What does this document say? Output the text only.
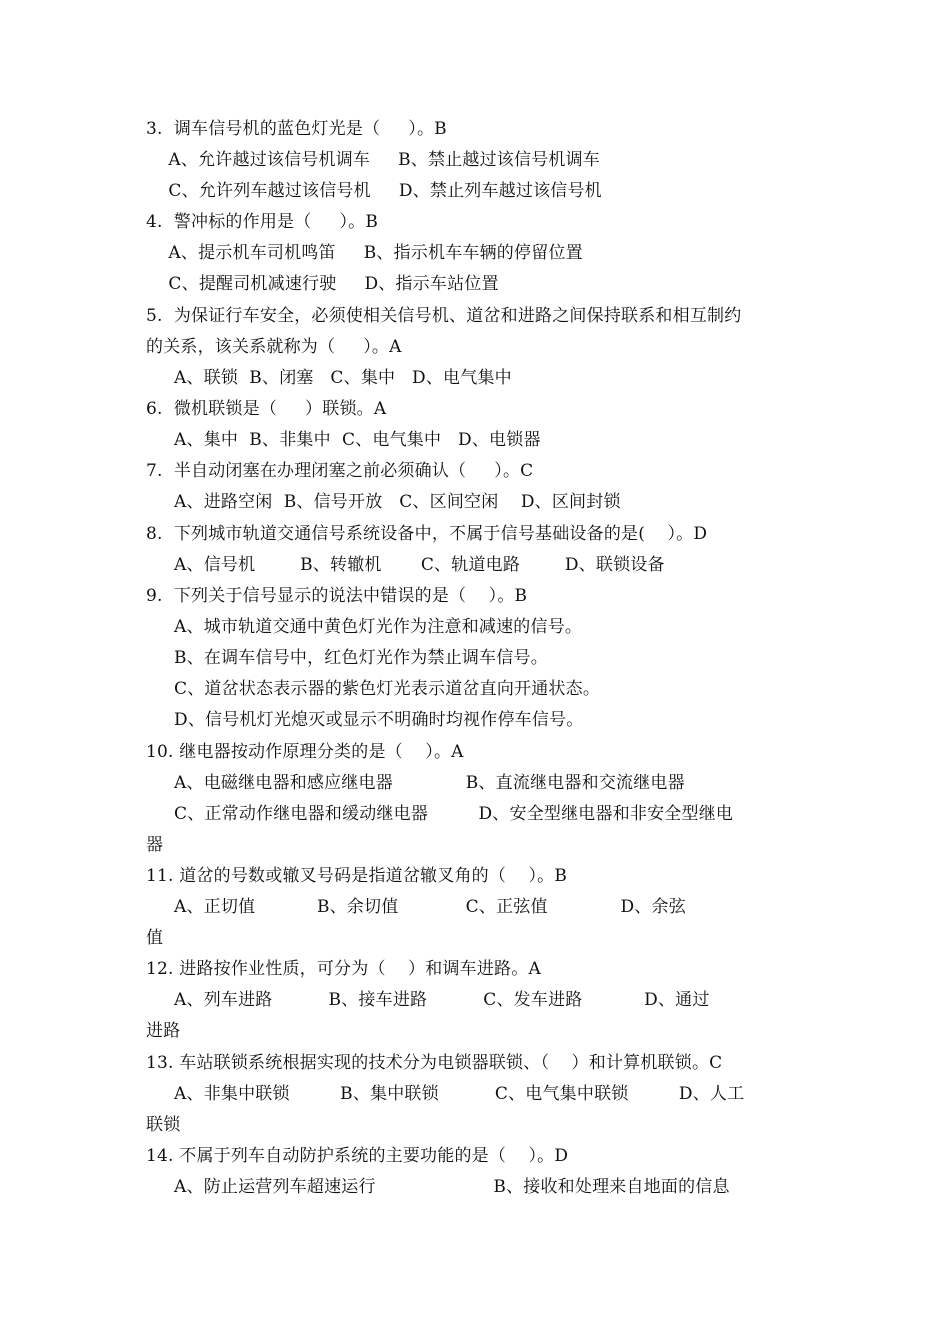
3.  调车信号机的蓝色灯光是（     ）。B
A、允许越过该信号机调车     B、禁止越过该信号机调车
C、允许列车越过该信号机     D、禁止列车越过该信号机
4.  警冲标的作用是（     ）。B
A、提示机车司机鸣笛     B、指示机车车辆的停留位置
C、提醒司机减速行驶     D、指示车站位置
5.  为保证行车安全，必须使相关信号机、道岔和进路之间保持联系和相互制约
的关系，该关系就称为（     ）。A
A、联锁  B、闭塞   C、集中   D、电气集中
6.  微机联锁是（     ）联锁。A
A、集中  B、非集中  C、电气集中   D、电锁器
7.  半自动闭塞在办理闭塞之前必须确认（     ）。C
A、进路空闲  B、信号开放   C、区间空闲    D、区间封锁
8.  下列城市轨道交通信号系统设备中，不属于信号基础设备的是(    ）。D
A、信号机        B、转辙机       C、轨道电路        D、联锁设备
9.  下列关于信号显示的说法中错误的是（    ）。B
A、城市轨道交通中黄色灯光作为注意和减速的信号。
B、在调车信号中，红色灯光作为禁止调车信号。
C、道岔状态表示器的紫色灯光表示道岔直向开通状态。
D、信号机灯光熄灭或显示不明确时均视作停车信号。
10. 继电器按动作原理分类的是（    ）。A
A、电磁继电器和感应继电器             B、直流继电器和交流继电器
C、正常动作继电器和缓动继电器         D、安全型继电器和非安全型继电
器
11. 道岔的号数或辙叉号码是指道岔辙叉角的（    ）。B
A、正切值           B、余切值            C、正弦值             D、余弦
值
12. 进路按作业性质，可分为（    ）和调车进路。A
A、列车进路          B、接车进路          C、发车进路           D、通过
进路
13. 车站联锁系统根据实现的技术分为电锁器联锁、（    ）和计算机联锁。C
A、非集中联锁         B、集中联锁          C、电气集中联锁         D、人工
联锁
14. 不属于列车自动防护系统的主要功能的是（    ）。D
A、防止运营列车超速运行                     B、接收和处理来自地面的信息
